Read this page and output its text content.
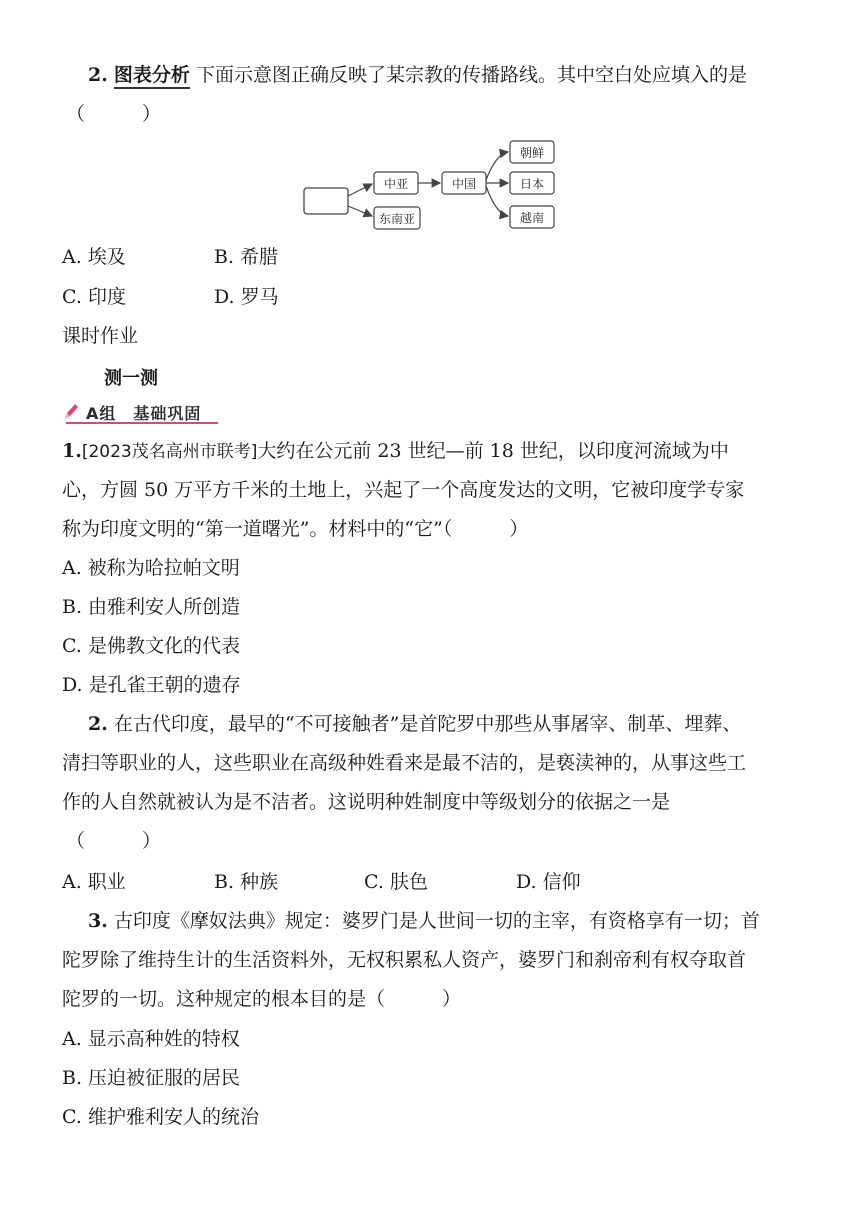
2. 图表分析 下面示意图正确反映了某宗教的传播路线。其中空白处应填入的是
（　　　）
中亚
东南亚
中国
朝鲜
日本
越南
A. 埃及	B. 希腊
C. 印度	D. 罗马
课时作业
测一测
A组　基础巩固
1.[2023茂名高州市联考]大约在公元前 23 世纪—前 18 世纪，以印度河流域为中
心，方圆 50 万平方千米的土地上，兴起了一个高度发达的文明，它被印度学专家
称为印度文明的“第一道曙光”。材料中的“它”（　　　）
A. 被称为哈拉帕文明
B. 由雅利安人所创造
C. 是佛教文化的代表
D. 是孔雀王朝的遗存
2. 在古代印度，最早的“不可接触者”是首陀罗中那些从事屠宰、制革、埋葬、
清扫等职业的人，这些职业在高级种姓看来是最不洁的，是亵渎神的，从事这些工
作的人自然就被认为是不洁者。这说明种姓制度中等级划分的依据之一是
（　　　）
A. 职业	B. 种族	C. 肤色	D. 信仰
3. 古印度《摩奴法典》规定：婆罗门是人世间一切的主宰，有资格享有一切；首
陀罗除了维持生计的生活资料外，无权积累私人资产，婆罗门和刹帝利有权夺取首
陀罗的一切。这种规定的根本目的是（　　　）
A. 显示高种姓的特权
B. 压迫被征服的居民
C. 维护雅利安人的统治
